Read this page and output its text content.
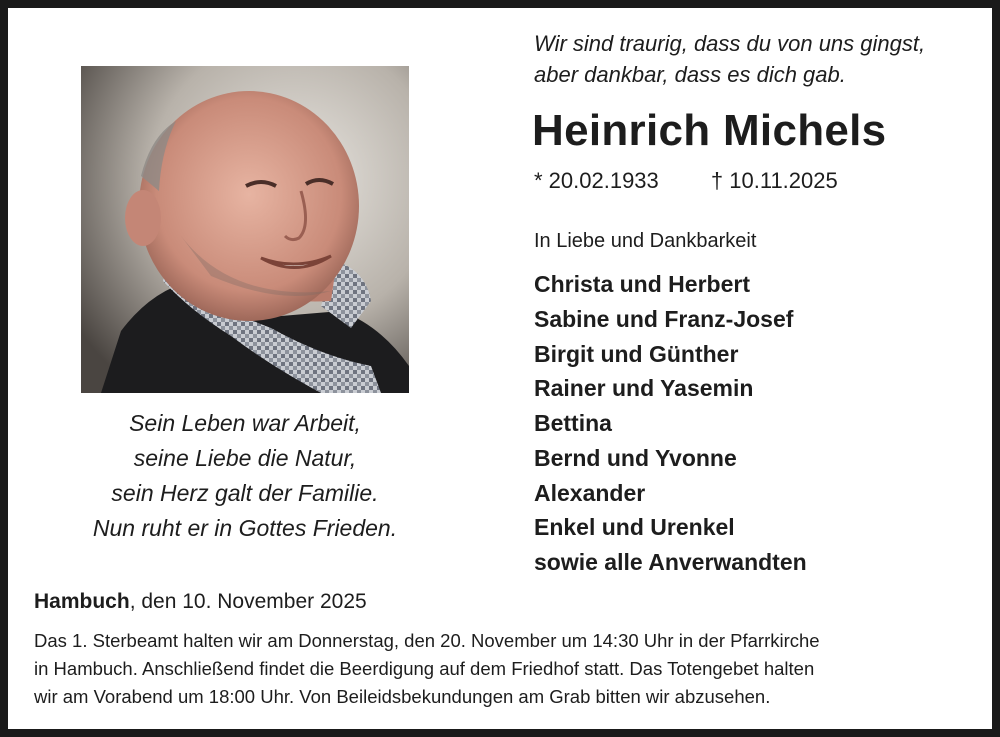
Sein Leben war Arbeit,
seine Liebe die Natur,
sein Herz galt der Familie.
Nun ruht er in Gottes Frieden.
Wir sind traurig, dass du von uns gingst,
aber dankbar, dass es dich gab.
Heinrich Michels
* 20.02.1933 † 10.11.2025
In Liebe und Dankbarkeit
Christa und Herbert
Sabine und Franz-Josef
Birgit und Günther
Rainer und Yasemin
Bettina
Bernd und Yvonne
Alexander
Enkel und Urenkel
sowie alle Anverwandten
Hambuch, den 10. November 2025
Das 1. Sterbeamt halten wir am Donnerstag, den 20. November um 14:30 Uhr in der Pfarrkirche
in Hambuch. Anschließend findet die Beerdigung auf dem Friedhof statt. Das Totengebet halten
wir am Vorabend um 18:00 Uhr. Von Beileidsbekundungen am Grab bitten wir abzusehen.
